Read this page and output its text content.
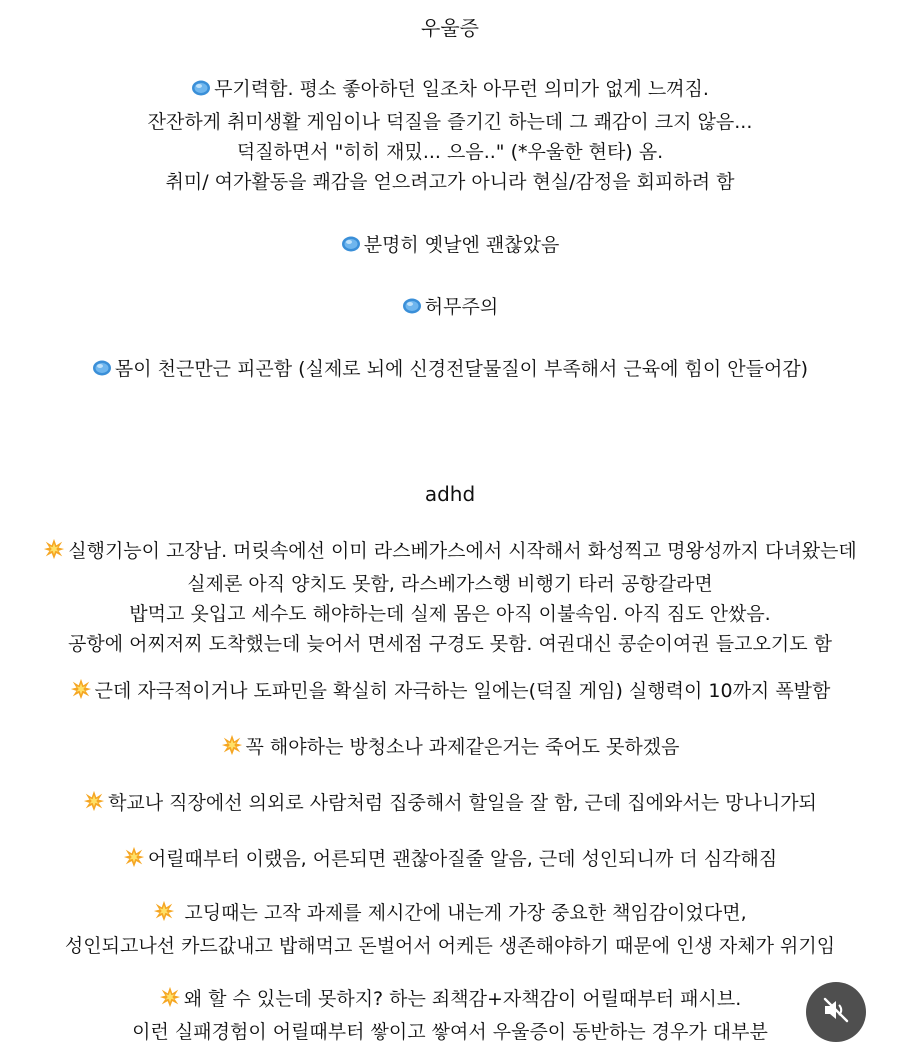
우울증
무기력함. 평소 좋아하던 일조차 아무런 의미가 없게 느껴짐.
잔잔하게 취미생활 게임이나 덕질을 즐기긴 하는데 그 쾌감이 크지 않음...
덕질하면서 "히히 재밌... 으음.." (*우울한 현타) 옴.
취미/ 여가활동을 쾌감을 얻으려고가 아니라 현실/감정을 회피하려 함
분명히 옛날엔 괜찮았음
허무주의
몸이 천근만근 피곤함 (실제로 뇌에 신경전달물질이 부족해서 근육에 힘이 안들어감)
adhd
실행기능이 고장남. 머릿속에선 이미 라스베가스에서 시작해서 화성찍고 명왕성까지 다녀왔는데
실제론 아직 양치도 못함, 라스베가스행 비행기 타러 공항갈라면
밥먹고 옷입고 세수도 해야하는데 실제 몸은 아직 이불속임. 아직 짐도 안쌌음.
공항에 어찌저찌 도착했는데 늦어서 면세점 구경도 못함. 여권대신 콩순이여권 들고오기도 함
근데 자극적이거나 도파민을 확실히 자극하는 일에는(덕질 게임) 실행력이 10까지 폭발함
꼭 해야하는 방청소나 과제같은거는 죽어도 못하겠음
학교나 직장에선 의외로 사람처럼 집중해서 할일을 잘 함, 근데 집에와서는 망나니가되
어릴때부터 이랬음, 어른되면 괜찮아질줄 알음, 근데 성인되니까 더 심각해짐
고딩때는 고작 과제를 제시간에 내는게 가장 중요한 책임감이었다면,
성인되고나선 카드값내고 밥해먹고 돈벌어서 어케든 생존해야하기 때문에 인생 자체가 위기임
왜 할 수 있는데 못하지? 하는 죄책감+자책감이 어릴때부터 패시브.
이런 실패경험이 어릴때부터 쌓이고 쌓여서 우울증이 동반하는 경우가 대부분
